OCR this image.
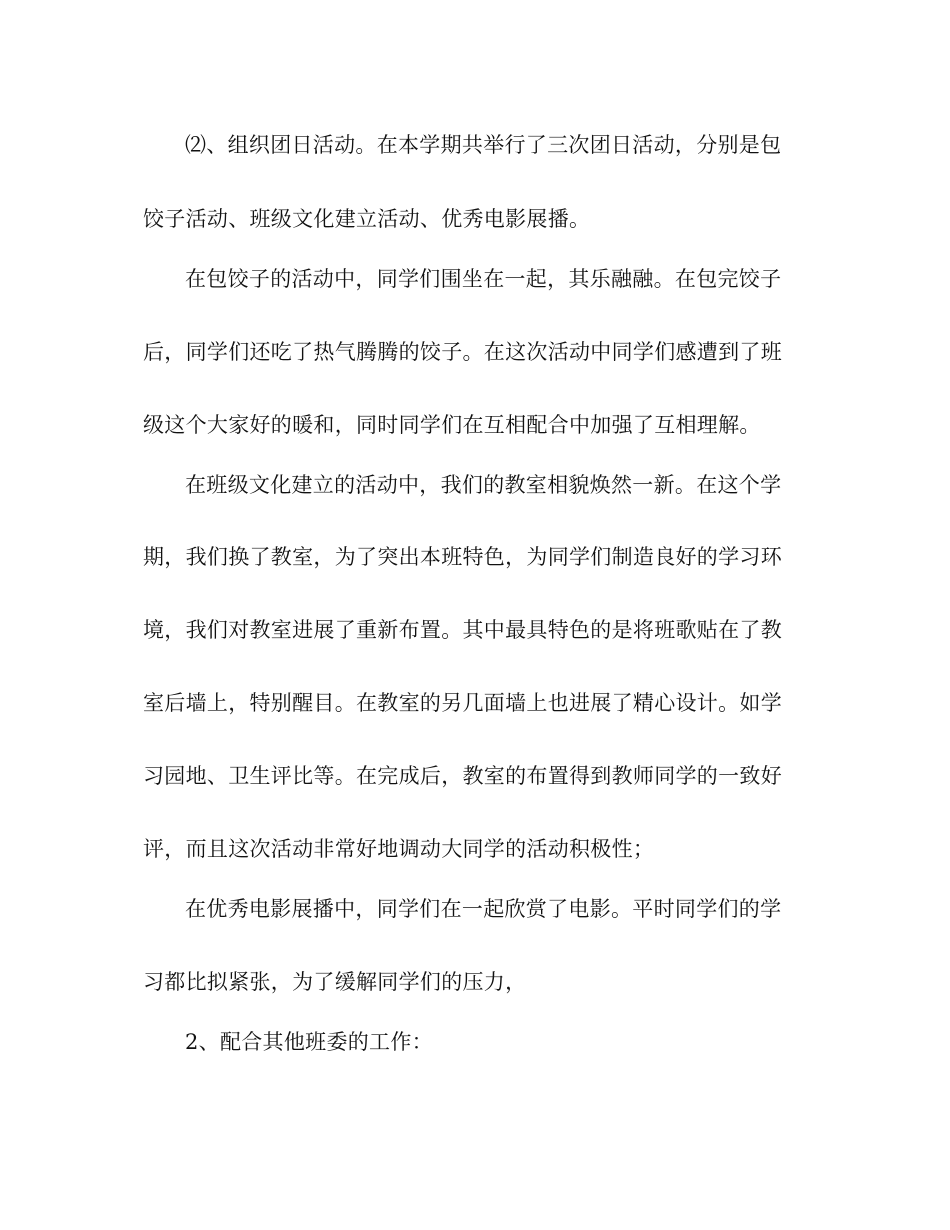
⑵、组织团日活动。在本学期共举行了三次团日活动，分别是包
饺子活动、班级文化建立活动、优秀电影展播。
在包饺子的活动中，同学们围坐在一起，其乐融融。在包完饺子
后，同学们还吃了热气腾腾的饺子。在这次活动中同学们感遭到了班
级这个大家好的暖和，同时同学们在互相配合中加强了互相理解。
在班级文化建立的活动中，我们的教室相貌焕然一新。在这个学
期，我们换了教室，为了突出本班特色，为同学们制造良好的学习环
境，我们对教室进展了重新布置。其中最具特色的是将班歌贴在了教
室后墙上，特别醒目。在教室的另几面墙上也进展了精心设计。如学
习园地、卫生评比等。在完成后，教室的布置得到教师同学的一致好
评，而且这次活动非常好地调动大同学的活动积极性；
在优秀电影展播中，同学们在一起欣赏了电影。平时同学们的学
习都比拟紧张，为了缓解同学们的压力，
2、配合其他班委的工作：
